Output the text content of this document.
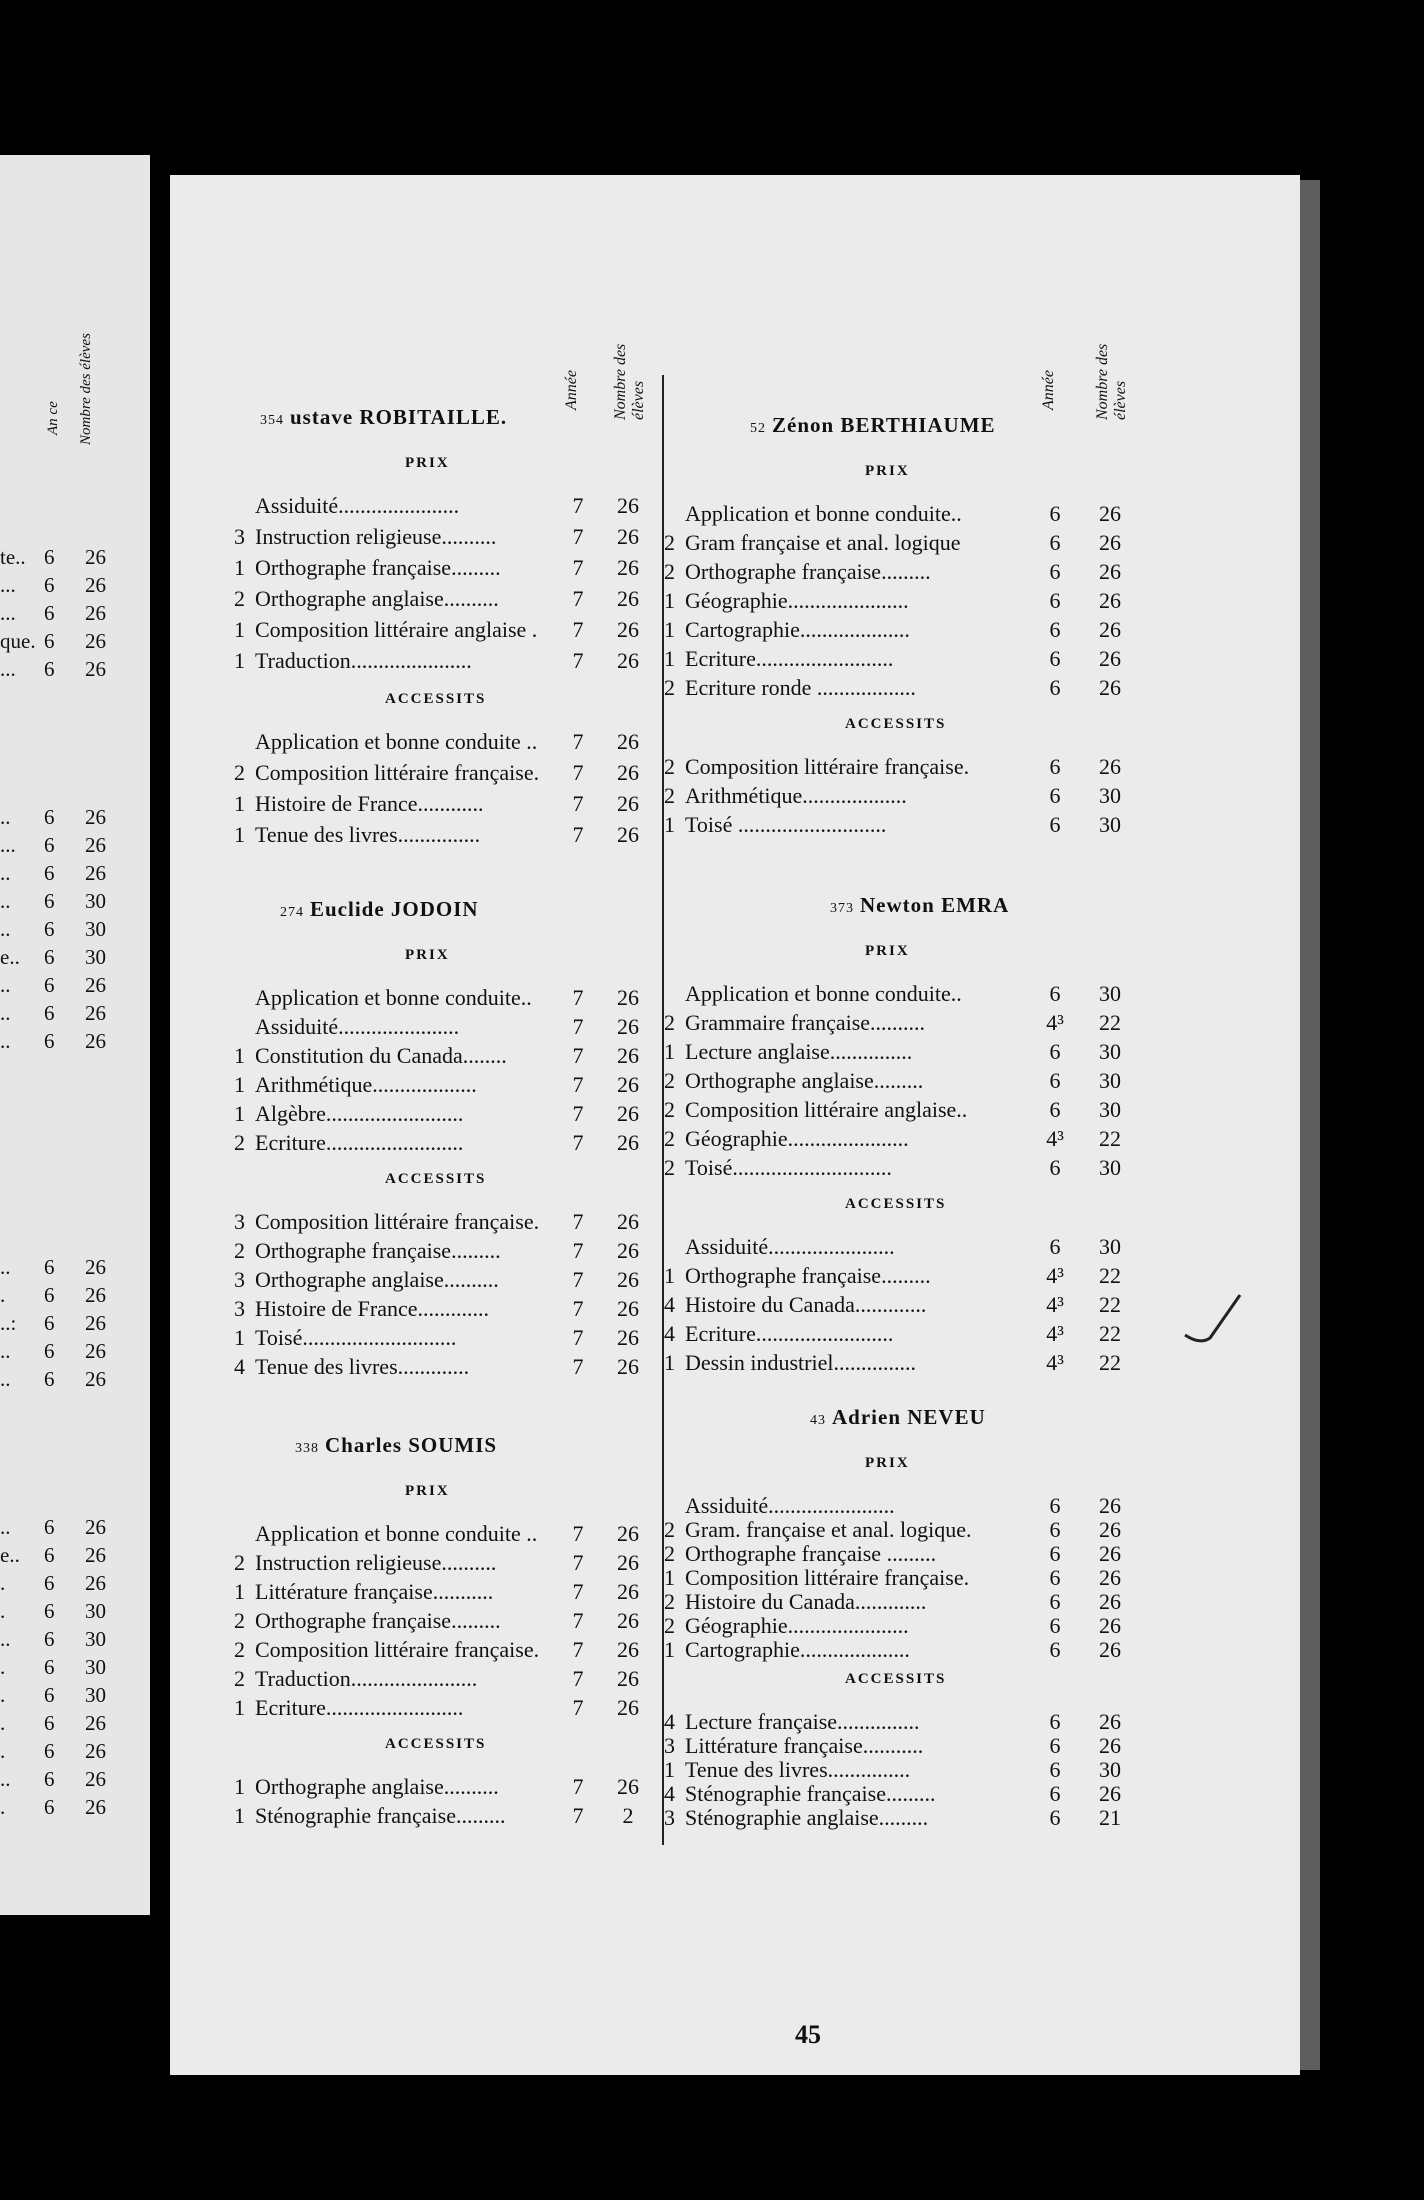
An ce Nombre des élèves
te.. 6 26
... 6 26
... 6 26
que. 6 26
... 6 26
.. 6 26
... 6 26
.. 6 26
.. 6 30
.. 6 30
e.. 6 30
.. 6 26
.. 6 26
.. 6 26
.. 6 26
. 6 26
..: 6 26
.. 6 26
.. 6 26
.. 6 26
e.. 6 26
. 6 26
. 6 30
.. 6 30
. 6 30
. 6 30
. 6 26
. 6 26
.. 6 26
. 6 26
45
Année Nombre des élèves
354 ustave ROBITAILLE.
PRIX
Assiduité......................	7	26
3 Instruction religieuse..........	7	26
1 Orthographe française.........	7	26
2 Orthographe anglaise..........	7	26
1 Composition littéraire anglaise .	7	26
1 Traduction......................	7	26
ACCESSITS
Application et bonne conduite ..	7	26
2 Composition littéraire française.	7	26
1 Histoire de France............	7	26
1 Tenue des livres...............	7	26
274 Euclide JODOIN
PRIX
Application et bonne conduite..	7	26
Assiduité......................	7	26
1 Constitution du Canada........	7	26
1 Arithmétique...................	7	26
1 Algèbre.........................	7	26
2 Ecriture.........................	7	26
ACCESSITS
3 Composition littéraire française.	7	26
2 Orthographe française.........	7	26
3 Orthographe anglaise..........	7	26
3 Histoire de France.............	7	26
1 Toisé............................	7	26
4 Tenue des livres.............	7	26
338 Charles SOUMIS
PRIX
Application et bonne conduite ..	7	26
2 Instruction religieuse..........	7	26
1 Littérature française...........	7	26
2 Orthographe française.........	7	26
2 Composition littéraire française.	7	26
2 Traduction.......................	7	26
1 Ecriture.........................	7	26
ACCESSITS
1 Orthographe anglaise..........	7	26
1 Sténographie française.........	7	2
Année Nombre des élèves
52 Zénon BERTHIAUME
PRIX
Application et bonne conduite..	6	26
2 Gram française et anal. logique	6	26
2 Orthographe française.........	6	26
1 Géographie......................	6	26
1 Cartographie....................	6	26
1 Ecriture.........................	6	26
2 Ecriture ronde ..................	6	26
ACCESSITS
2 Composition littéraire française.	6	26
2 Arithmétique...................	6	30
1 Toisé ...........................	6	30
373 Newton EMRA
PRIX
Application et bonne conduite..	6	30
2 Grammaire française..........	4³	22
1 Lecture anglaise...............	6	30
2 Orthographe anglaise.........	6	30
2 Composition littéraire anglaise..	6	30
2 Géographie......................	4³	22
2 Toisé.............................	6	30
ACCESSITS
Assiduité.......................	6	30
1 Orthographe française.........	4³	22
4 Histoire du Canada.............	4³	22
4 Ecriture.........................	4³	22
1 Dessin industriel...............	4³	22
43 Adrien NEVEU
PRIX
Assiduité.......................	6	26
2 Gram. française et anal. logique.	6	26
2 Orthographe française .........	6	26
1 Composition littéraire française.	6	26
2 Histoire du Canada.............	6	26
2 Géographie......................	6	26
1 Cartographie....................	6	26
ACCESSITS
4 Lecture française...............	6	26
3 Littérature française...........	6	26
1 Tenue des livres...............	6	30
4 Sténographie française.........	6	26
3 Sténographie anglaise.........	6	21
